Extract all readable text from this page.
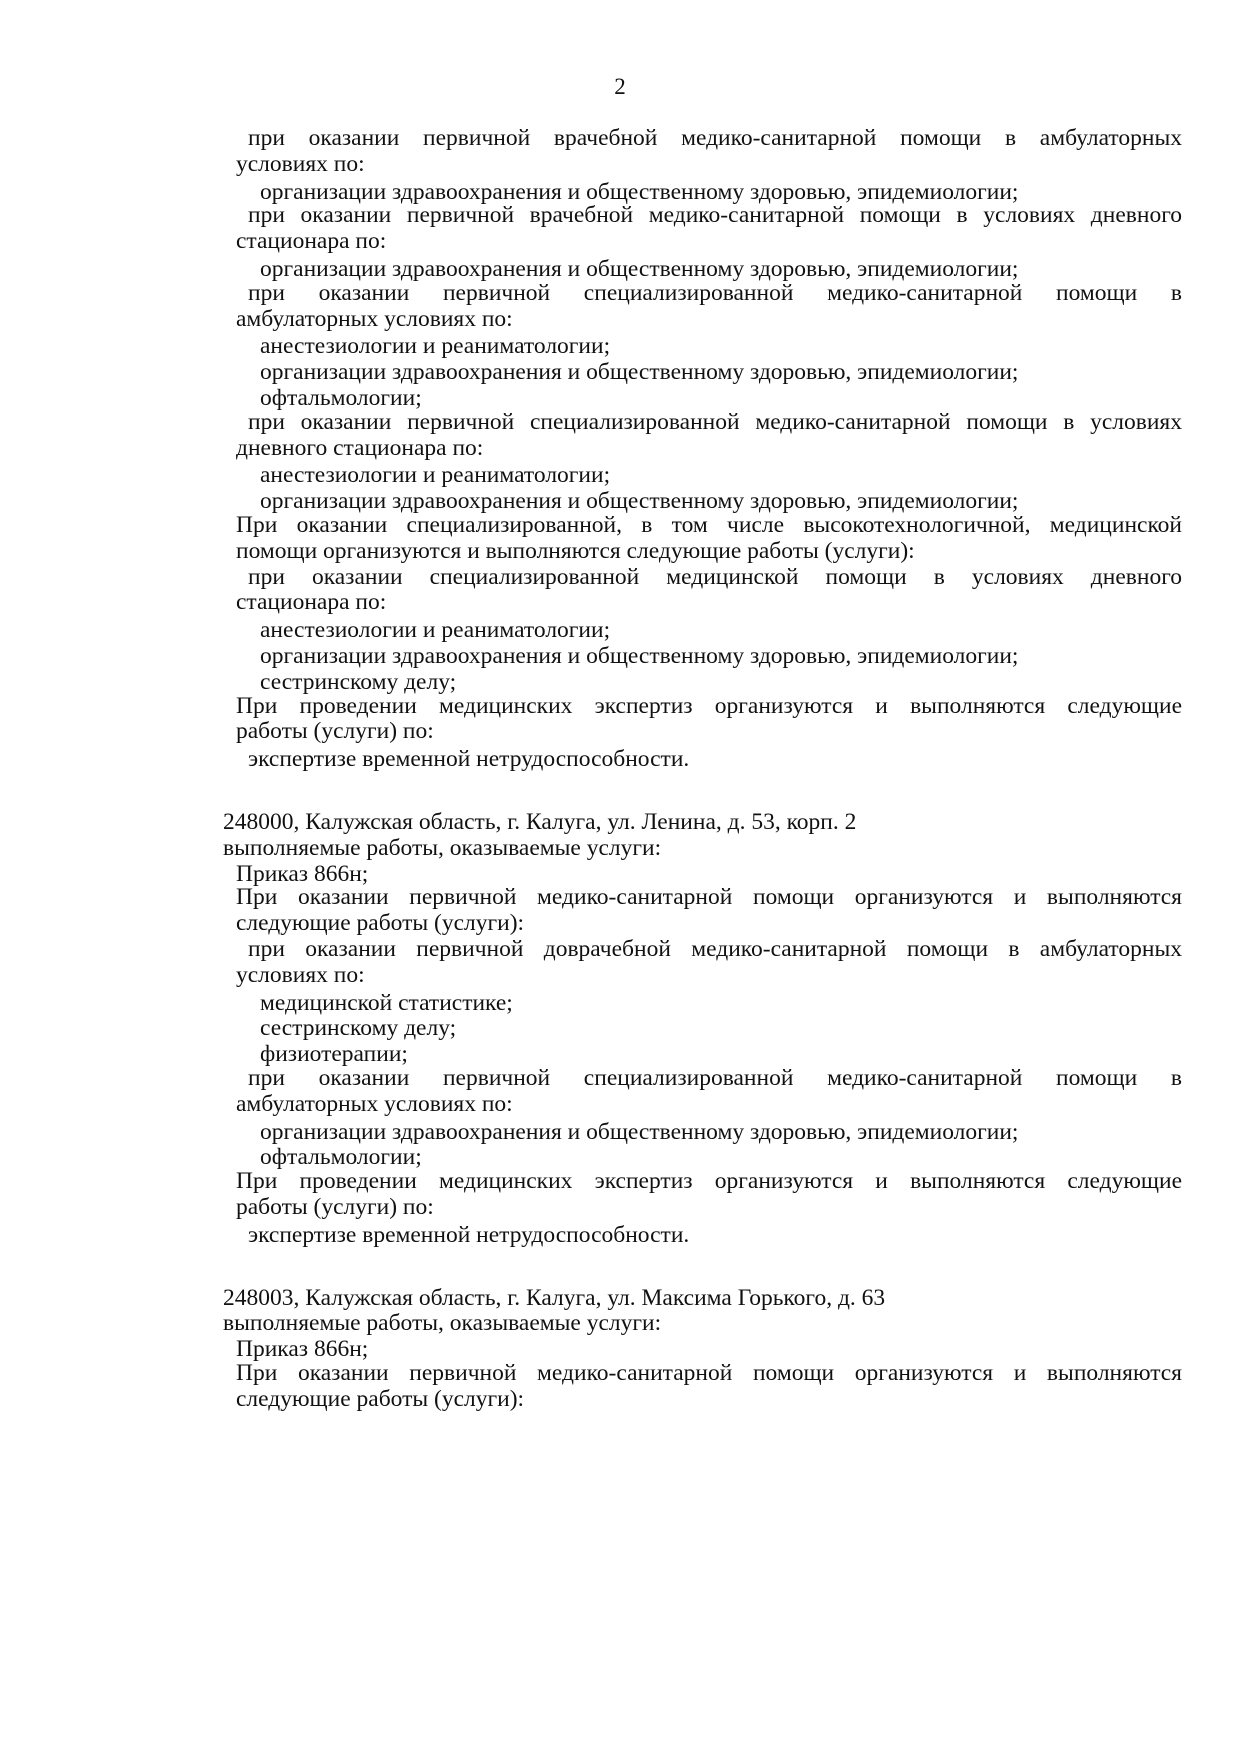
2
при оказании первичной врачебной медико-санитарной помощи в амбулаторных
условиях по:
организации здравоохранения и общественному здоровью, эпидемиологии;
при оказании первичной врачебной медико-санитарной помощи в условиях дневного
стационара по:
организации здравоохранения и общественному здоровью, эпидемиологии;
при оказании первичной специализированной медико-санитарной помощи в
амбулаторных условиях по:
анестезиологии и реаниматологии;
организации здравоохранения и общественному здоровью, эпидемиологии;
офтальмологии;
при оказании первичной специализированной медико-санитарной помощи в условиях
дневного стационара по:
анестезиологии и реаниматологии;
организации здравоохранения и общественному здоровью, эпидемиологии;
При оказании специализированной, в том числе высокотехнологичной, медицинской
помощи организуются и выполняются следующие работы (услуги):
при оказании специализированной медицинской помощи в условиях дневного
стационара по:
анестезиологии и реаниматологии;
организации здравоохранения и общественному здоровью, эпидемиологии;
сестринскому делу;
При проведении медицинских экспертиз организуются и выполняются следующие
работы (услуги) по:
экспертизе временной нетрудоспособности.
248000, Калужская область, г. Калуга, ул. Ленина, д. 53, корп. 2
выполняемые работы, оказываемые услуги:
Приказ 866н;
При оказании первичной медико-санитарной помощи организуются и выполняются
следующие работы (услуги):
при оказании первичной доврачебной медико-санитарной помощи в амбулаторных
условиях по:
медицинской статистике;
сестринскому делу;
физиотерапии;
при оказании первичной специализированной медико-санитарной помощи в
амбулаторных условиях по:
организации здравоохранения и общественному здоровью, эпидемиологии;
офтальмологии;
При проведении медицинских экспертиз организуются и выполняются следующие
работы (услуги) по:
экспертизе временной нетрудоспособности.
248003, Калужская область, г. Калуга, ул. Максима Горького, д. 63
выполняемые работы, оказываемые услуги:
Приказ 866н;
При оказании первичной медико-санитарной помощи организуются и выполняются
следующие работы (услуги):
